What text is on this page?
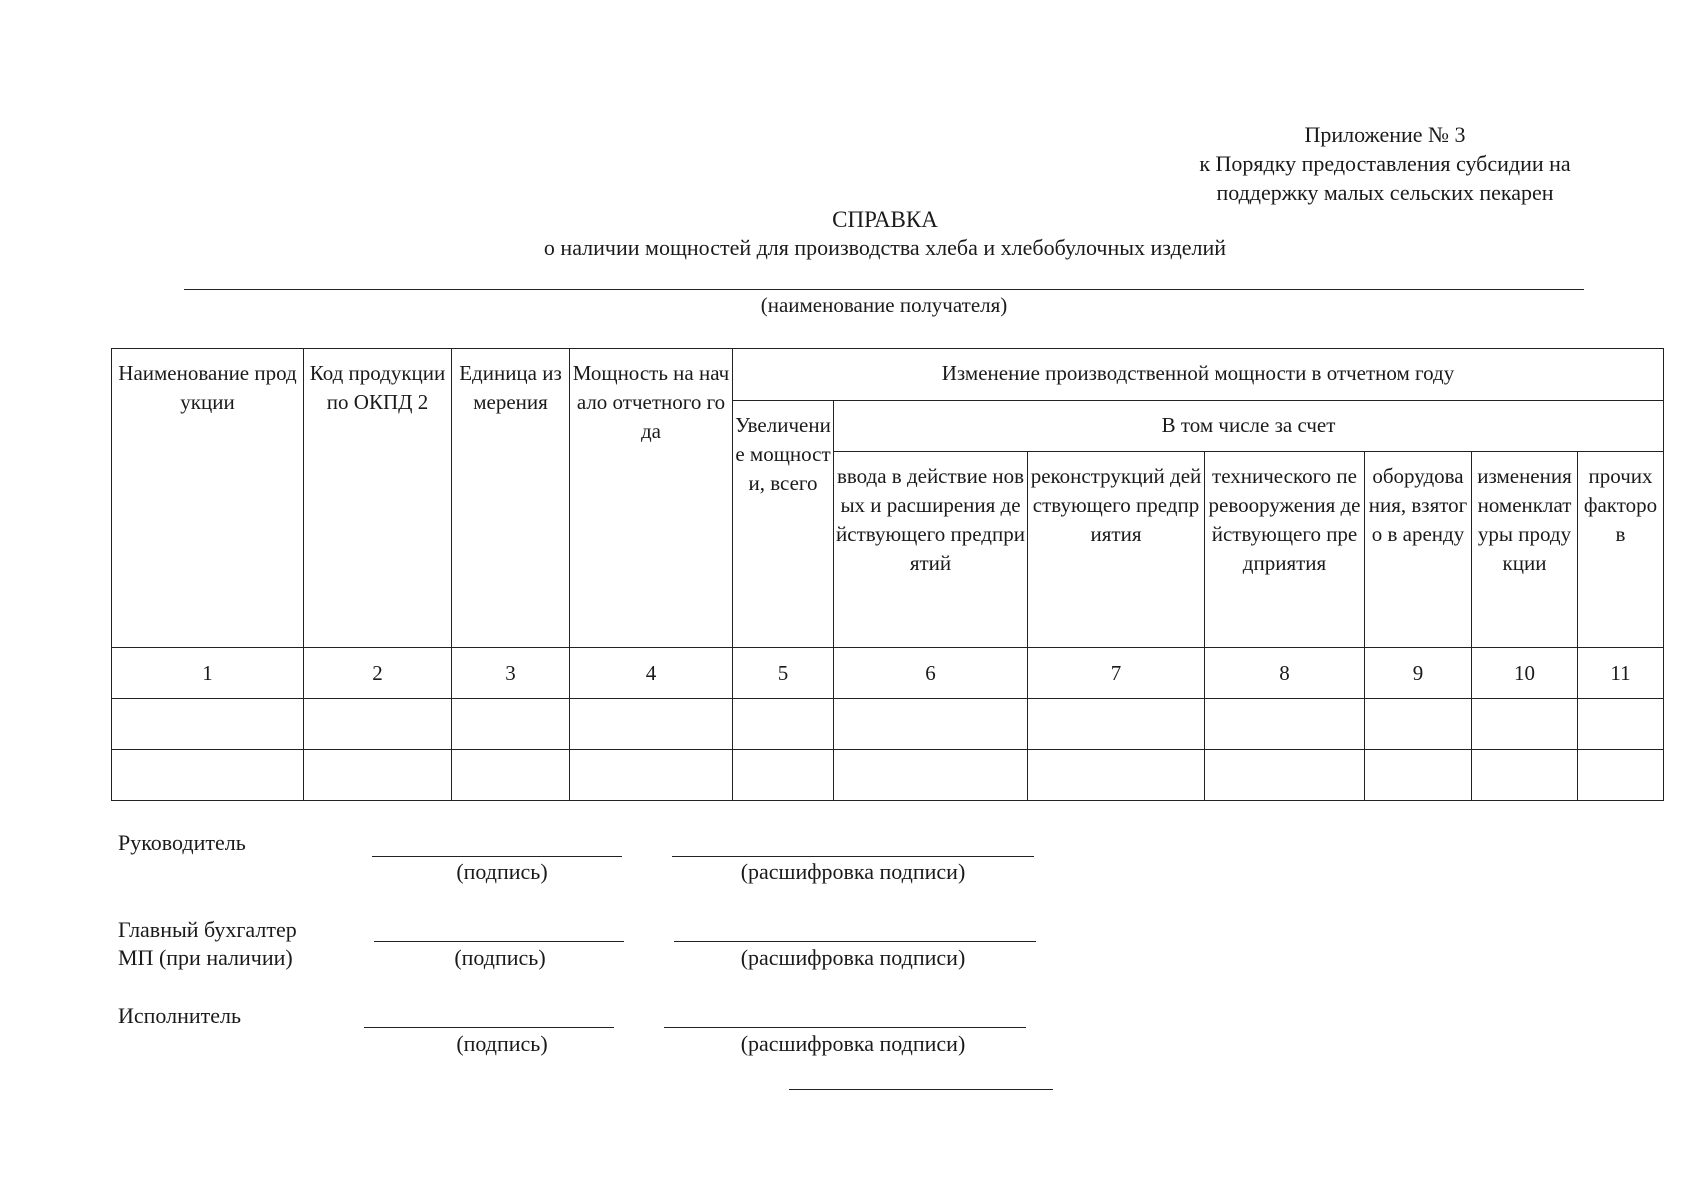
Приложение № 3
к Порядку предоставления субсидии на
поддержку малых сельских пекарен
СПРАВКА
о наличии мощностей для производства хлеба и хлебобулочных изделий
(наименование получателя)
Наименование продукции	Код продукции по ОКПД 2	Единица измерения	Мощность на начало отчетного года	Изменение производственной мощности в отчетном году						
				Увеличение мощности, всего	В том числе за счет					
					ввода в действие новых и расширения действующего предприятий	реконструкций действующего предприятия	технического перевооружения действующего предприятия	оборудования, взятого в аренду	изменения номенклатуры продукции	прочих факторов
1	2	3	4	5	6	7	8	9	10	11

Руководитель
(подпись)	(расшифровка подписи)
Главный бухгалтер
МП (при наличии)	(подпись)	(расшифровка подписи)
Исполнитель
(подпись)	(расшифровка подписи)
